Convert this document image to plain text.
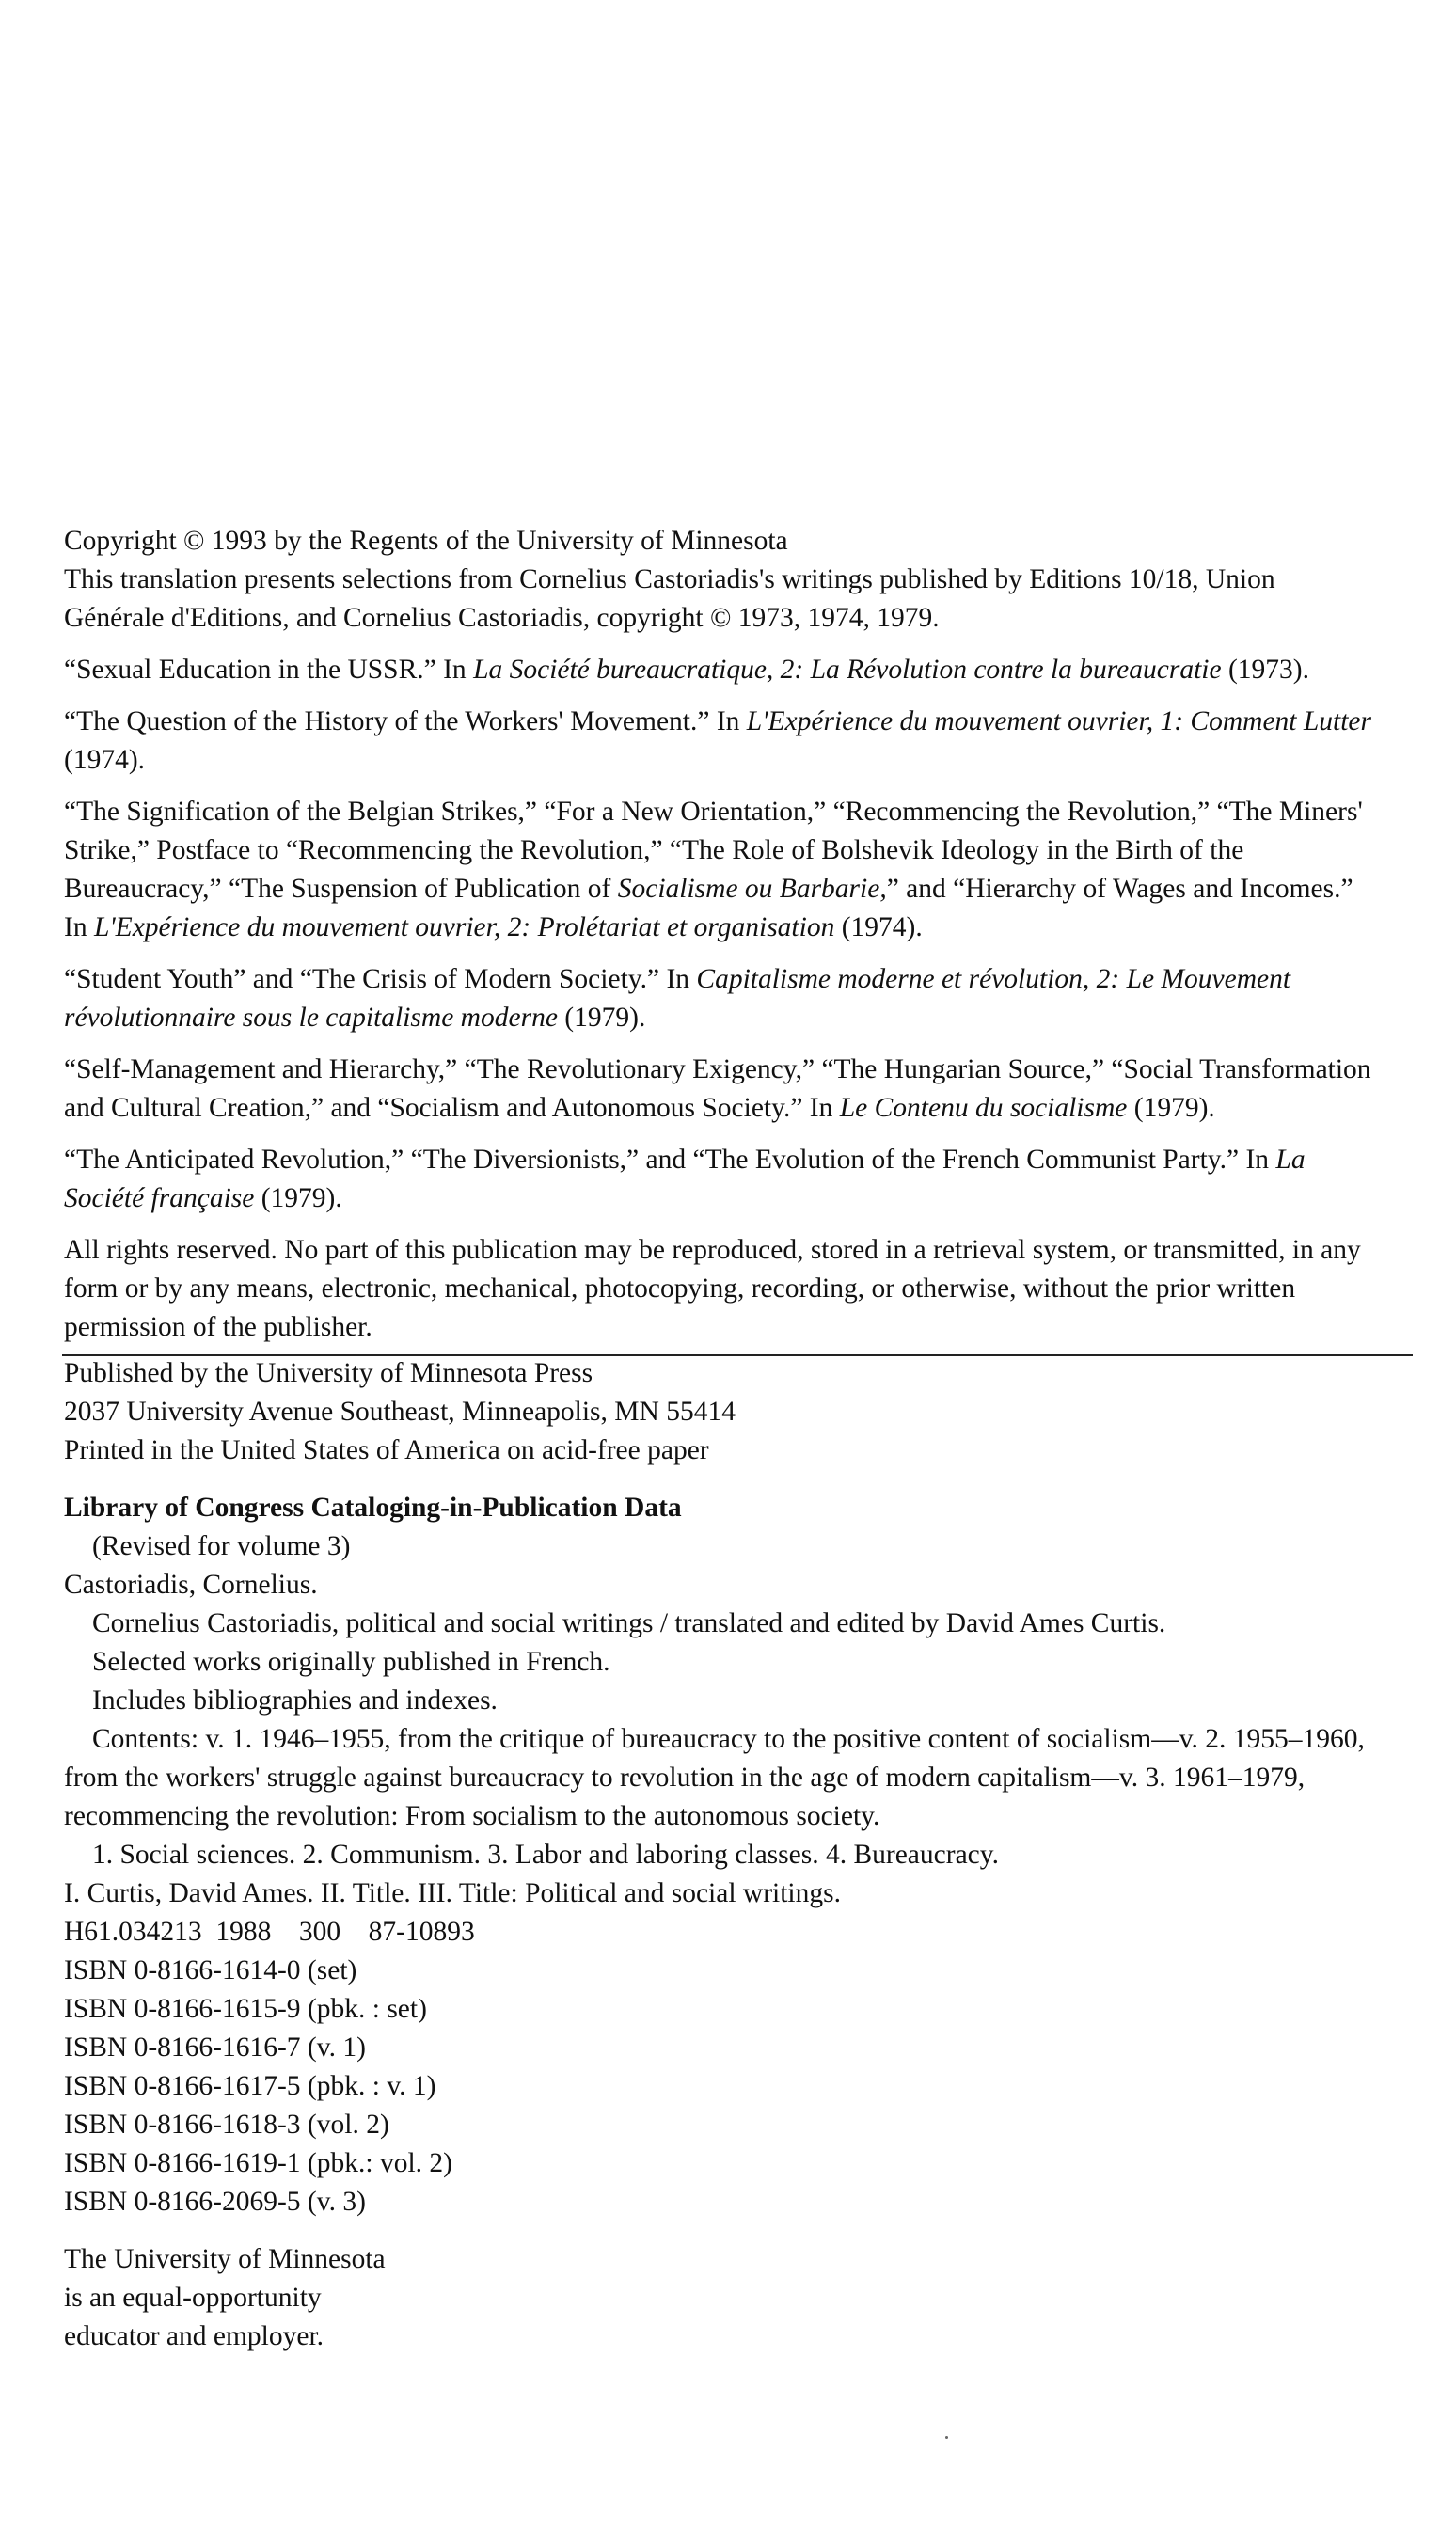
Copyright © 1993 by the Regents of the University of Minnesota

This translation presents selections from Cornelius Castoriadis's writings published by Editions 10/18, Union Générale d'Editions, and Cornelius Castoriadis, copyright © 1973, 1974, 1979.

“Sexual Education in the USSR.” In La Société bureaucratique, 2: La Révolution contre la bureaucratie (1973).

“The Question of the History of the Workers' Movement.” In L'Expérience du mouvement ouvrier, 1: Comment Lutter (1974).

“The Signification of the Belgian Strikes,” “For a New Orientation,” “Recommencing the Revolution,” “The Miners' Strike,” Postface to “Recommencing the Revolution,” “The Role of Bolshevik Ideology in the Birth of the Bureaucracy,” “The Suspension of Publication of Socialisme ou Barbarie,” and “Hierarchy of Wages and Incomes.” In L'Expérience du mouvement ouvrier, 2: Prolétariat et organisation (1974).

“Student Youth” and “The Crisis of Modern Society.” In Capitalisme moderne et révolution, 2: Le Mouvement révolutionnaire sous le capitalisme moderne (1979).

“Self-Management and Hierarchy,” “The Revolutionary Exigency,” “The Hungarian Source,” “Social Transformation and Cultural Creation,” and “Socialism and Autonomous Society.” In Le Contenu du socialisme (1979).

“The Anticipated Revolution,” “The Diversionists,” and “The Evolution of the French Communist Party.” In La Société française (1979).

All rights reserved. No part of this publication may be reproduced, stored in a retrieval system, or transmitted, in any form or by any means, electronic, mechanical, photocopying, recording, or otherwise, without the prior written permission of the publisher.

Published by the University of Minnesota Press

2037 University Avenue Southeast, Minneapolis, MN 55414

Printed in the United States of America on acid-free paper

Library of Congress Cataloging-in-Publication Data

(Revised for volume 3)

Castoriadis, Cornelius.

Cornelius Castoriadis, political and social writings / translated and edited by David Ames Curtis.

Selected works originally published in French.

Includes bibliographies and indexes.

Contents: v. 1. 1946–1955, from the critique of bureaucracy to the positive content of socialism—v. 2. 1955–1960, from the workers' struggle against bureaucracy to revolution in the age of modern capitalism—v. 3. 1961–1979, recommencing the revolution: From socialism to the autonomous society.

1. Social sciences. 2. Communism. 3. Labor and laboring classes. 4. Bureaucracy.

I. Curtis, David Ames. II. Title. III. Title: Political and social writings.

H61.034213  1988    300    87-10893

ISBN 0-8166-1614-0 (set)

ISBN 0-8166-1615-9 (pbk. : set)

ISBN 0-8166-1616-7 (v. 1)

ISBN 0-8166-1617-5 (pbk. : v. 1)

ISBN 0-8166-1618-3 (vol. 2)

ISBN 0-8166-1619-1 (pbk.: vol. 2)

ISBN 0-8166-2069-5 (v. 3)

The University of Minnesota

is an equal-opportunity

educator and employer.
